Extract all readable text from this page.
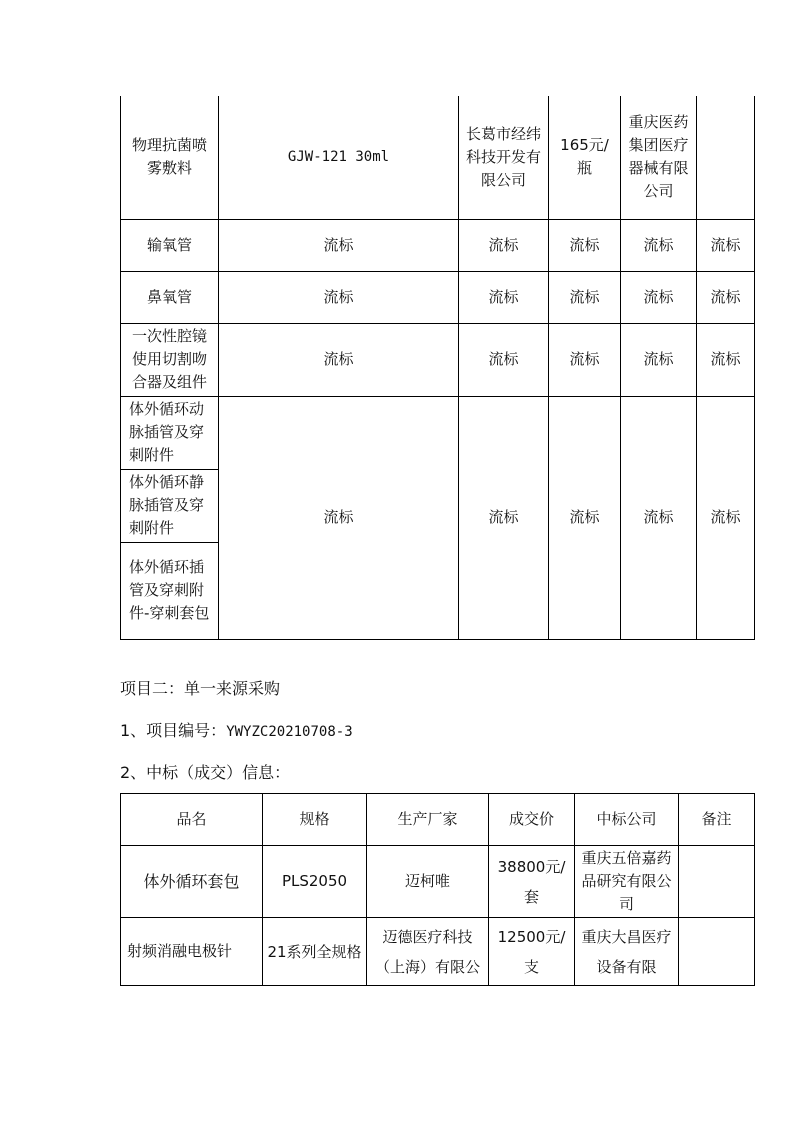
物理抗菌喷雾敷料	GJW-121 30ml	长葛市经纬科技开发有限公司	165元/瓶	重庆医药集团医疗器械有限公司	
输氧管	流标	流标	流标	流标	流标
鼻氧管	流标	流标	流标	流标	流标
一次性腔镜使用切割吻合器及组件	流标	流标	流标	流标	流标
体外循环动脉插管及穿刺附件	流标	流标	流标	流标	流标
体外循环静脉插管及穿刺附件					
体外循环插管及穿刺附件-穿刺套包					
项目二：单一来源采购
1、项目编号：YWYZC20210708-3
2、中标（成交）信息：
品名	规格	生产厂家	成交价	中标公司	备注
体外循环套包	PLS2050	迈柯唯	38800元/套	重庆五倍嘉药品研究有限公司	
射频消融电极针	21系列全规格	迈德医疗科技（上海）有限公	12500元/支	重庆大昌医疗设备有限	
